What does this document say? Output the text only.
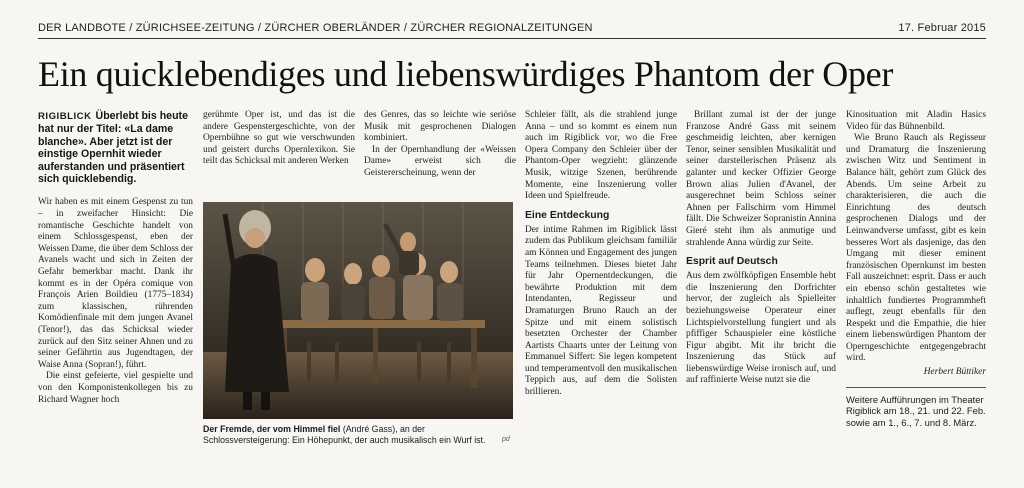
DER LANDBOTE / ZÜRICHSEE-ZEITUNG / ZÜRCHER OBERLÄNDER / ZÜRCHER REGIONALZEITUNGEN	17. Februar 2015
Ein quicklebendiges und liebenswürdiges Phantom der Oper
RIGIBLICK Überlebt bis heute hat nur der Titel: «La dame blanche». Aber jetzt ist der einstige Opernhit wieder auferstanden und präsentiert sich quicklebendig.

Wir haben es mit einem Gespenst zu tun – in zweifacher Hinsicht: Die romantische Geschichte handelt von einem Schlossgespenst, eben der Weissen Dame, die über dem Schloss der Avanels wacht und sich in Zeiten der Gefahr bemerkbar macht. Dank ihr kommt es in der Opéra comique von François Arien Boildieu (1775–1834) zum klassischen, rührenden Komödienfinale mit dem jungen Avanel (Tenor!), das das Schicksal wieder zurück auf den Sitz seiner Ahnen und zu seiner Gefährtin aus Jugendtagen, der Waise Anna (Sopran!), führt.

Die einst gefeierte, viel gespielte und von den Komponistenkollegen bis zu Richard Wagner hoch

gerühmte Oper ist, und das ist die andere Gespenstergeschichte, von der Opernbühne so gut wie verschwunden und geistert durchs Opernlexikon. Sie teilt das Schicksal mit anderen Werken

des Genres, das so leichte wie seriöse Musik mit gesprochenen Dialogen kombiniert.

In der Opernhandlung der «Weissen Dame» erweist sich die Geistererscheinung, wenn der

Der Fremde, der vom Himmel fiel (André Gass), an der Schlossversteigerung: Ein Höhepunkt, der auch musikalisch ein Wurf ist.	pd

Schleier fällt, als die strahlend junge Anna – und so kommt es einem nun auch im Rigiblick vor, wo die Free Opera Company den Schleier über der Phantom-Oper wegzieht: glänzende Musik, witzige Szenen, berührende Momente, eine Inszenierung voller Ideen und Spielfreude.

Eine Entdeckung

Der intime Rahmen im Rigiblick lässt zudem das Publikum gleichsam familiär am Können und Engagement des jungen Teams teilnehmen. Dieses bietet Jahr für Jahr Opernentdeckungen, die bewährte Produktion mit dem Intendanten, Regisseur und Dramaturgen Bruno Rauch an der Spitze und mit einem solistisch besetzten Orchester der Chamber Aartists Chaarts unter der Leitung von Emmanuel Siffert: Sie legen kompetent und temperamentvoll den musikalischen Teppich aus, auf dem die Solisten brillieren.

Brillant zumal ist der der junge Franzose André Gass mit seinem geschmeidig leichten, aber kernigen Tenor, seiner sensiblen Musikalität und seiner darstellerischen Präsenz als galanter und kecker Offizier George Brown alias Julien d'Avanel, der ausgerechnet beim Schloss seiner Ahnen per Fallschirm vom Himmel fällt. Die Schweizer Sopranistin Annina Gieré steht ihm als anmutige und strahlende Anna würdig zur Seite.

Esprit auf Deutsch

Aus dem zwölfköpfigen Ensemble hebt die Inszenierung den Dorfrichter hervor, der zugleich als Spielleiter beziehungsweise Operateur einer Lichtspielvorstellung fungiert und als pfiffiger Schauspieler eine köstliche Figur abgibt. Mit ihr bricht die Inszenierung das Stück auf liebenswürdige Weise ironisch auf, und auf raffinierte Weise nutzt sie die

Kinosituation mit Aladin Hasics Video für das Bühnenbild.

Wie Bruno Rauch als Regisseur und Dramaturg die Inszenierung zwischen Witz und Sentiment in Balance hält, gehört zum Glück des Abends. Um seine Arbeit zu charakterisieren, die auch die Einrichtung des deutsch gesprochenen Dialogs und der Leinwandverse umfasst, gibt es kein besseres Wort als dasjenige, das den Umgang mit dieser eminent französischen Opernkunst im besten Fall auszeichnet: esprit. Dass er auch ein ebenso schön gestaltetes wie inhaltlich fundiertes Programmheft auflegt, zeugt ebenfalls für den Respekt und die Empathie, die hier einem liebenswürdigen Phantom der Operngeschichte entgegengebracht wird.

Herbert Büttiker
Weitere Aufführungen im Theater Rigiblick am 18., 21. und 22. Feb. sowie am 1., 6., 7. und 8. März.
